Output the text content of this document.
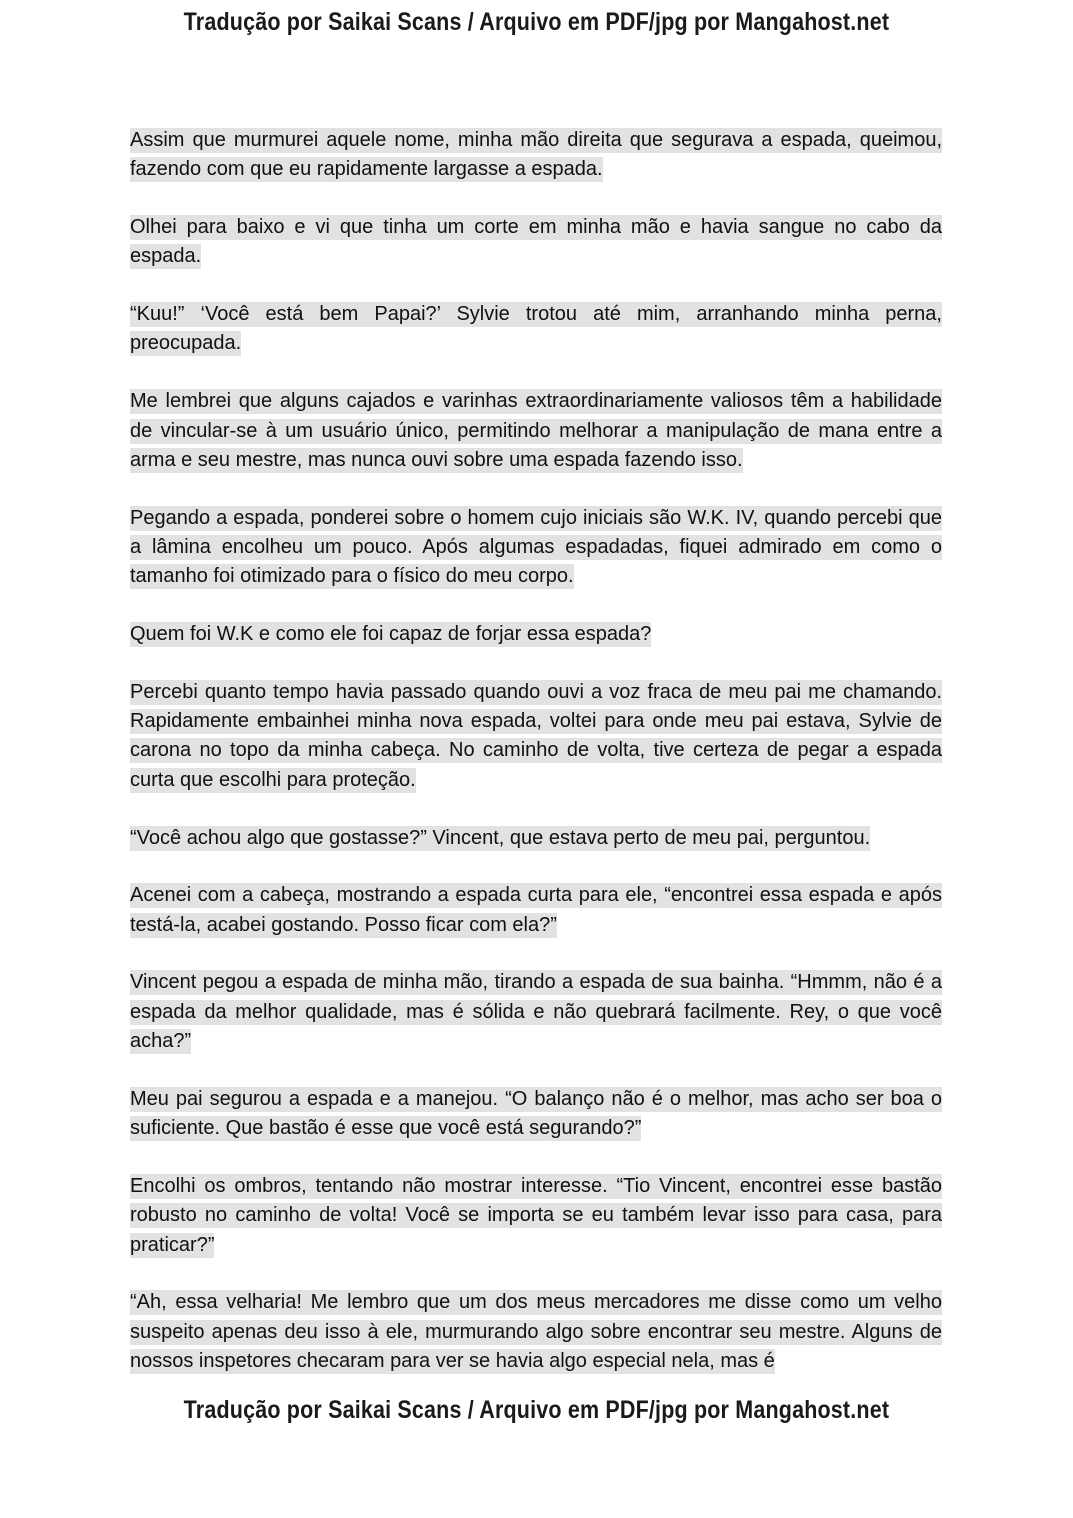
Tradução por Saikai Scans / Arquivo em PDF/jpg por Mangahost.net

Assim que murmurei aquele nome, minha mão direita que segurava a espada, queimou, fazendo com que eu rapidamente largasse a espada.

Olhei para baixo e vi que tinha um corte em minha mão e havia sangue no cabo da espada.

“Kuu!” ‘Você está bem Papai?’ Sylvie trotou até mim, arranhando minha perna, preocupada.

Me lembrei que alguns cajados e varinhas extraordinariamente valiosos têm a habilidade de vincular-se à um usuário único, permitindo melhorar a manipulação de mana entre a arma e seu mestre, mas nunca ouvi sobre uma espada fazendo isso.

Pegando a espada, ponderei sobre o homem cujo iniciais são W.K. IV, quando percebi que a lâmina encolheu um pouco. Após algumas espadadas, fiquei admirado em como o tamanho foi otimizado para o físico do meu corpo.

Quem foi W.K e como ele foi capaz de forjar essa espada?

Percebi quanto tempo havia passado quando ouvi a voz fraca de meu pai me chamando. Rapidamente embainhei minha nova espada, voltei para onde meu pai estava, Sylvie de carona no topo da minha cabeça. No caminho de volta, tive certeza de pegar a espada curta que escolhi para proteção.

“Você achou algo que gostasse?” Vincent, que estava perto de meu pai, perguntou.

Acenei com a cabeça, mostrando a espada curta para ele, “encontrei essa espada e após testá-la, acabei gostando. Posso ficar com ela?”

Vincent pegou a espada de minha mão, tirando a espada de sua bainha. “Hmmm, não é a espada da melhor qualidade, mas é sólida e não quebrará facilmente. Rey, o que você acha?”

Meu pai segurou a espada e a manejou. “O balanço não é o melhor, mas acho ser boa o suficiente. Que bastão é esse que você está segurando?”

Encolhi os ombros, tentando não mostrar interesse. “Tio Vincent, encontrei esse bastão robusto no caminho de volta! Você se importa se eu também levar isso para casa, para praticar?”

“Ah, essa velharia! Me lembro que um dos meus mercadores me disse como um velho suspeito apenas deu isso à ele, murmurando algo sobre encontrar seu mestre. Alguns de nossos inspetores checaram para ver se havia algo especial nela, mas é

Tradução por Saikai Scans / Arquivo em PDF/jpg por Mangahost.net
